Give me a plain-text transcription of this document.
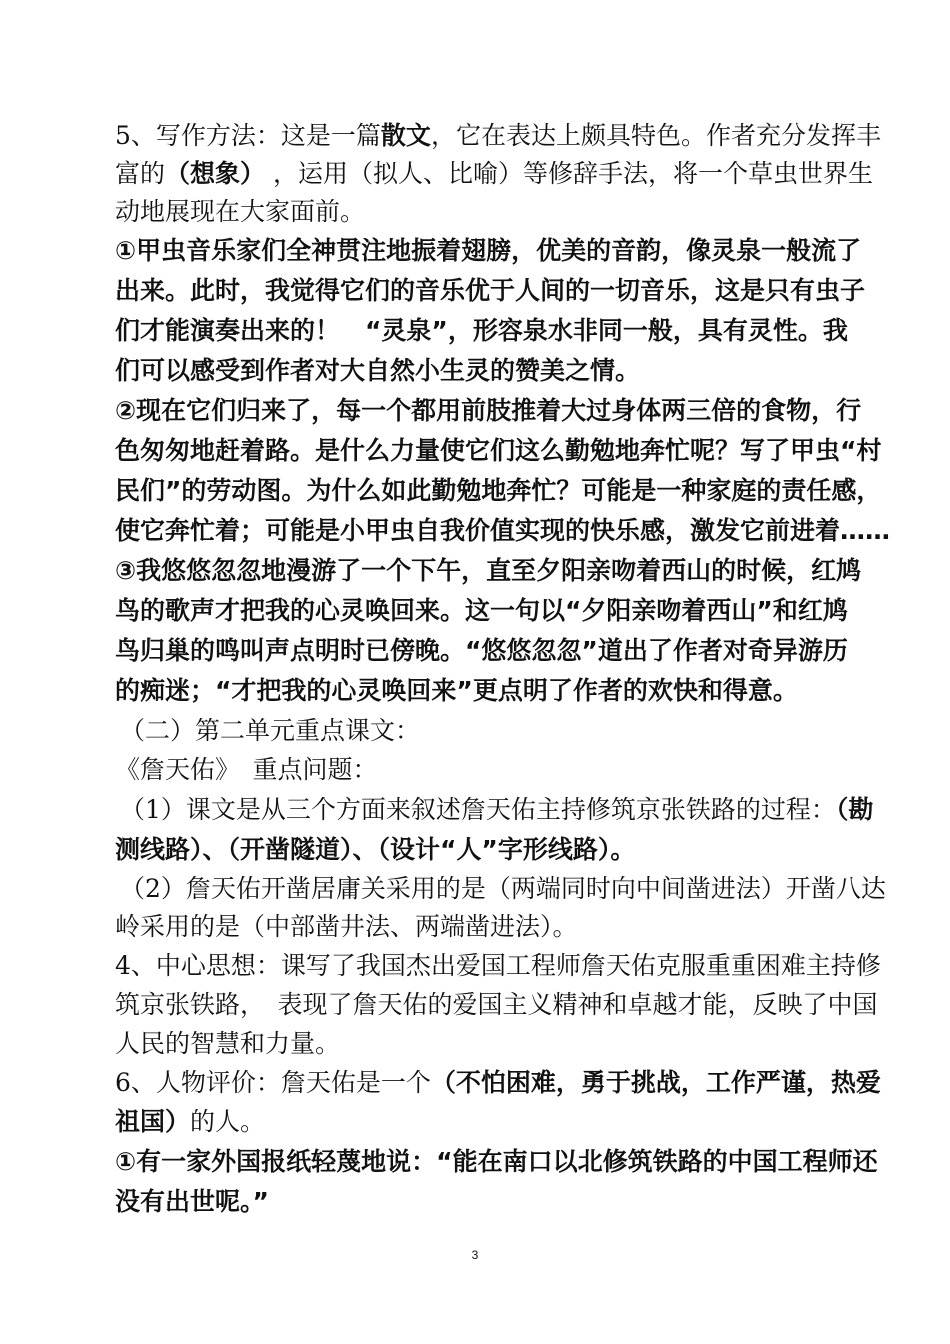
5、写作方法：这是一篇散文，它在表达上颇具特色。作者充分发挥丰
富的（想象） ，运用（拟人、比喻）等修辞手法，将一个草虫世界生
动地展现在大家面前。
①甲虫音乐家们全神贯注地振着翅膀，优美的音韵，像灵泉一般流了
出来。此时，我觉得它们的音乐优于人间的一切音乐，这是只有虫子
们才能演奏出来的！　“灵泉”，形容泉水非同一般，具有灵性。我
们可以感受到作者对大自然小生灵的赞美之情。
②现在它们归来了，每一个都用前肢推着大过身体两三倍的食物，行
色匆匆地赶着路。是什么力量使它们这么勤勉地奔忙呢？写了甲虫“村
民们”的劳动图。为什么如此勤勉地奔忙？可能是一种家庭的责任感，
使它奔忙着；可能是小甲虫自我价值实现的快乐感，激发它前进着……
③我悠悠忽忽地漫游了一个下午，直至夕阳亲吻着西山的时候，红鸠
鸟的歌声才把我的心灵唤回来。这一句以“夕阳亲吻着西山”和红鸠
鸟归巢的鸣叫声点明时已傍晚。“悠悠忽忽”道出了作者对奇异游历
的痴迷；“才把我的心灵唤回来”更点明了作者的欢快和得意。
（二）第二单元重点课文：
《詹天佑》　重点问题：
（1）课文是从三个方面来叙述詹天佑主持修筑京张铁路的过程：（勘
测线路）、（开凿隧道）、（设计“人”字形线路）。
（2）詹天佑开凿居庸关采用的是（两端同时向中间凿进法）开凿八达
岭采用的是（中部凿井法、两端凿进法）。
4、中心思想：课写了我国杰出爱国工程师詹天佑克服重重困难主持修
筑京张铁路，　表现了詹天佑的爱国主义精神和卓越才能，反映了中国
人民的智慧和力量。
6、人物评价：詹天佑是一个（不怕困难，勇于挑战，工作严谨，热爱
祖国）的人。
①有一家外国报纸轻蔑地说：“能在南口以北修筑铁路的中国工程师还
没有出世呢。”
3
